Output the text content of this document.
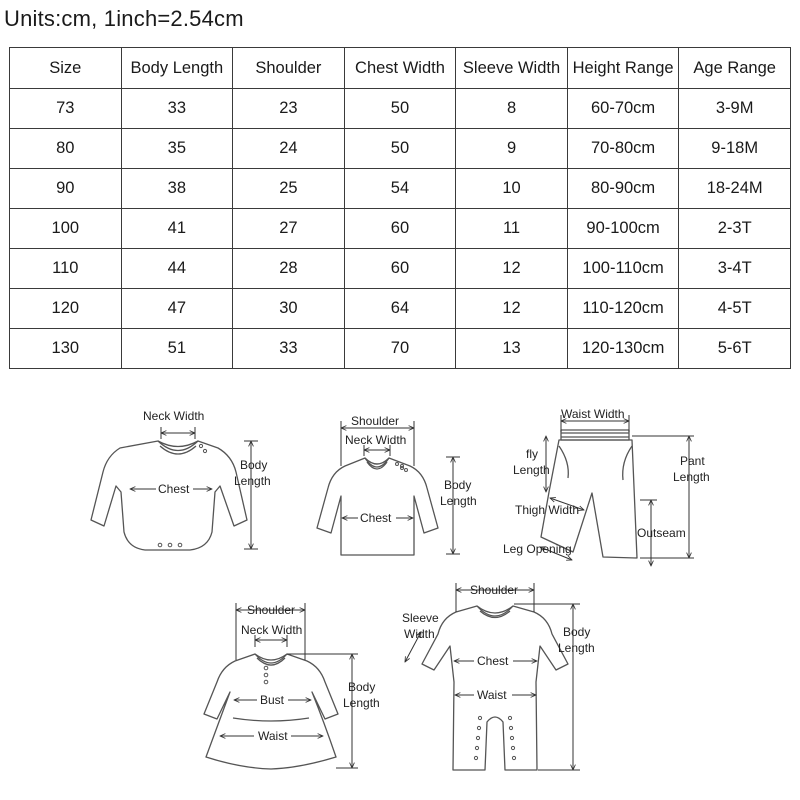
Units:cm, 1inch=2.54cm
Size	Body Length	Shoulder	Chest Width	Sleeve Width	Height Range	Age Range
73	33	23	50	8	60-70cm	3-9M
80	35	24	50	9	70-80cm	9-18M
90	38	25	54	10	80-90cm	18-24M
100	41	27	60	11	90-100cm	2-3T
110	44	28	60	12	100-110cm	3-4T
120	47	30	64	12	110-120cm	4-5T
130	51	33	70	13	120-130cm	5-6T
Neck Width
Chest
Body
Length
Shoulder
Neck Width
Chest
Body
Length
Waist Width
fly
Length
Pant
Length
Thigh Width
Outseam
Leg Opening
Shoulder
Neck Width
Bust
Waist
Body
Length
Shoulder
Sleeve
Width
Chest
Waist
Body
Length
